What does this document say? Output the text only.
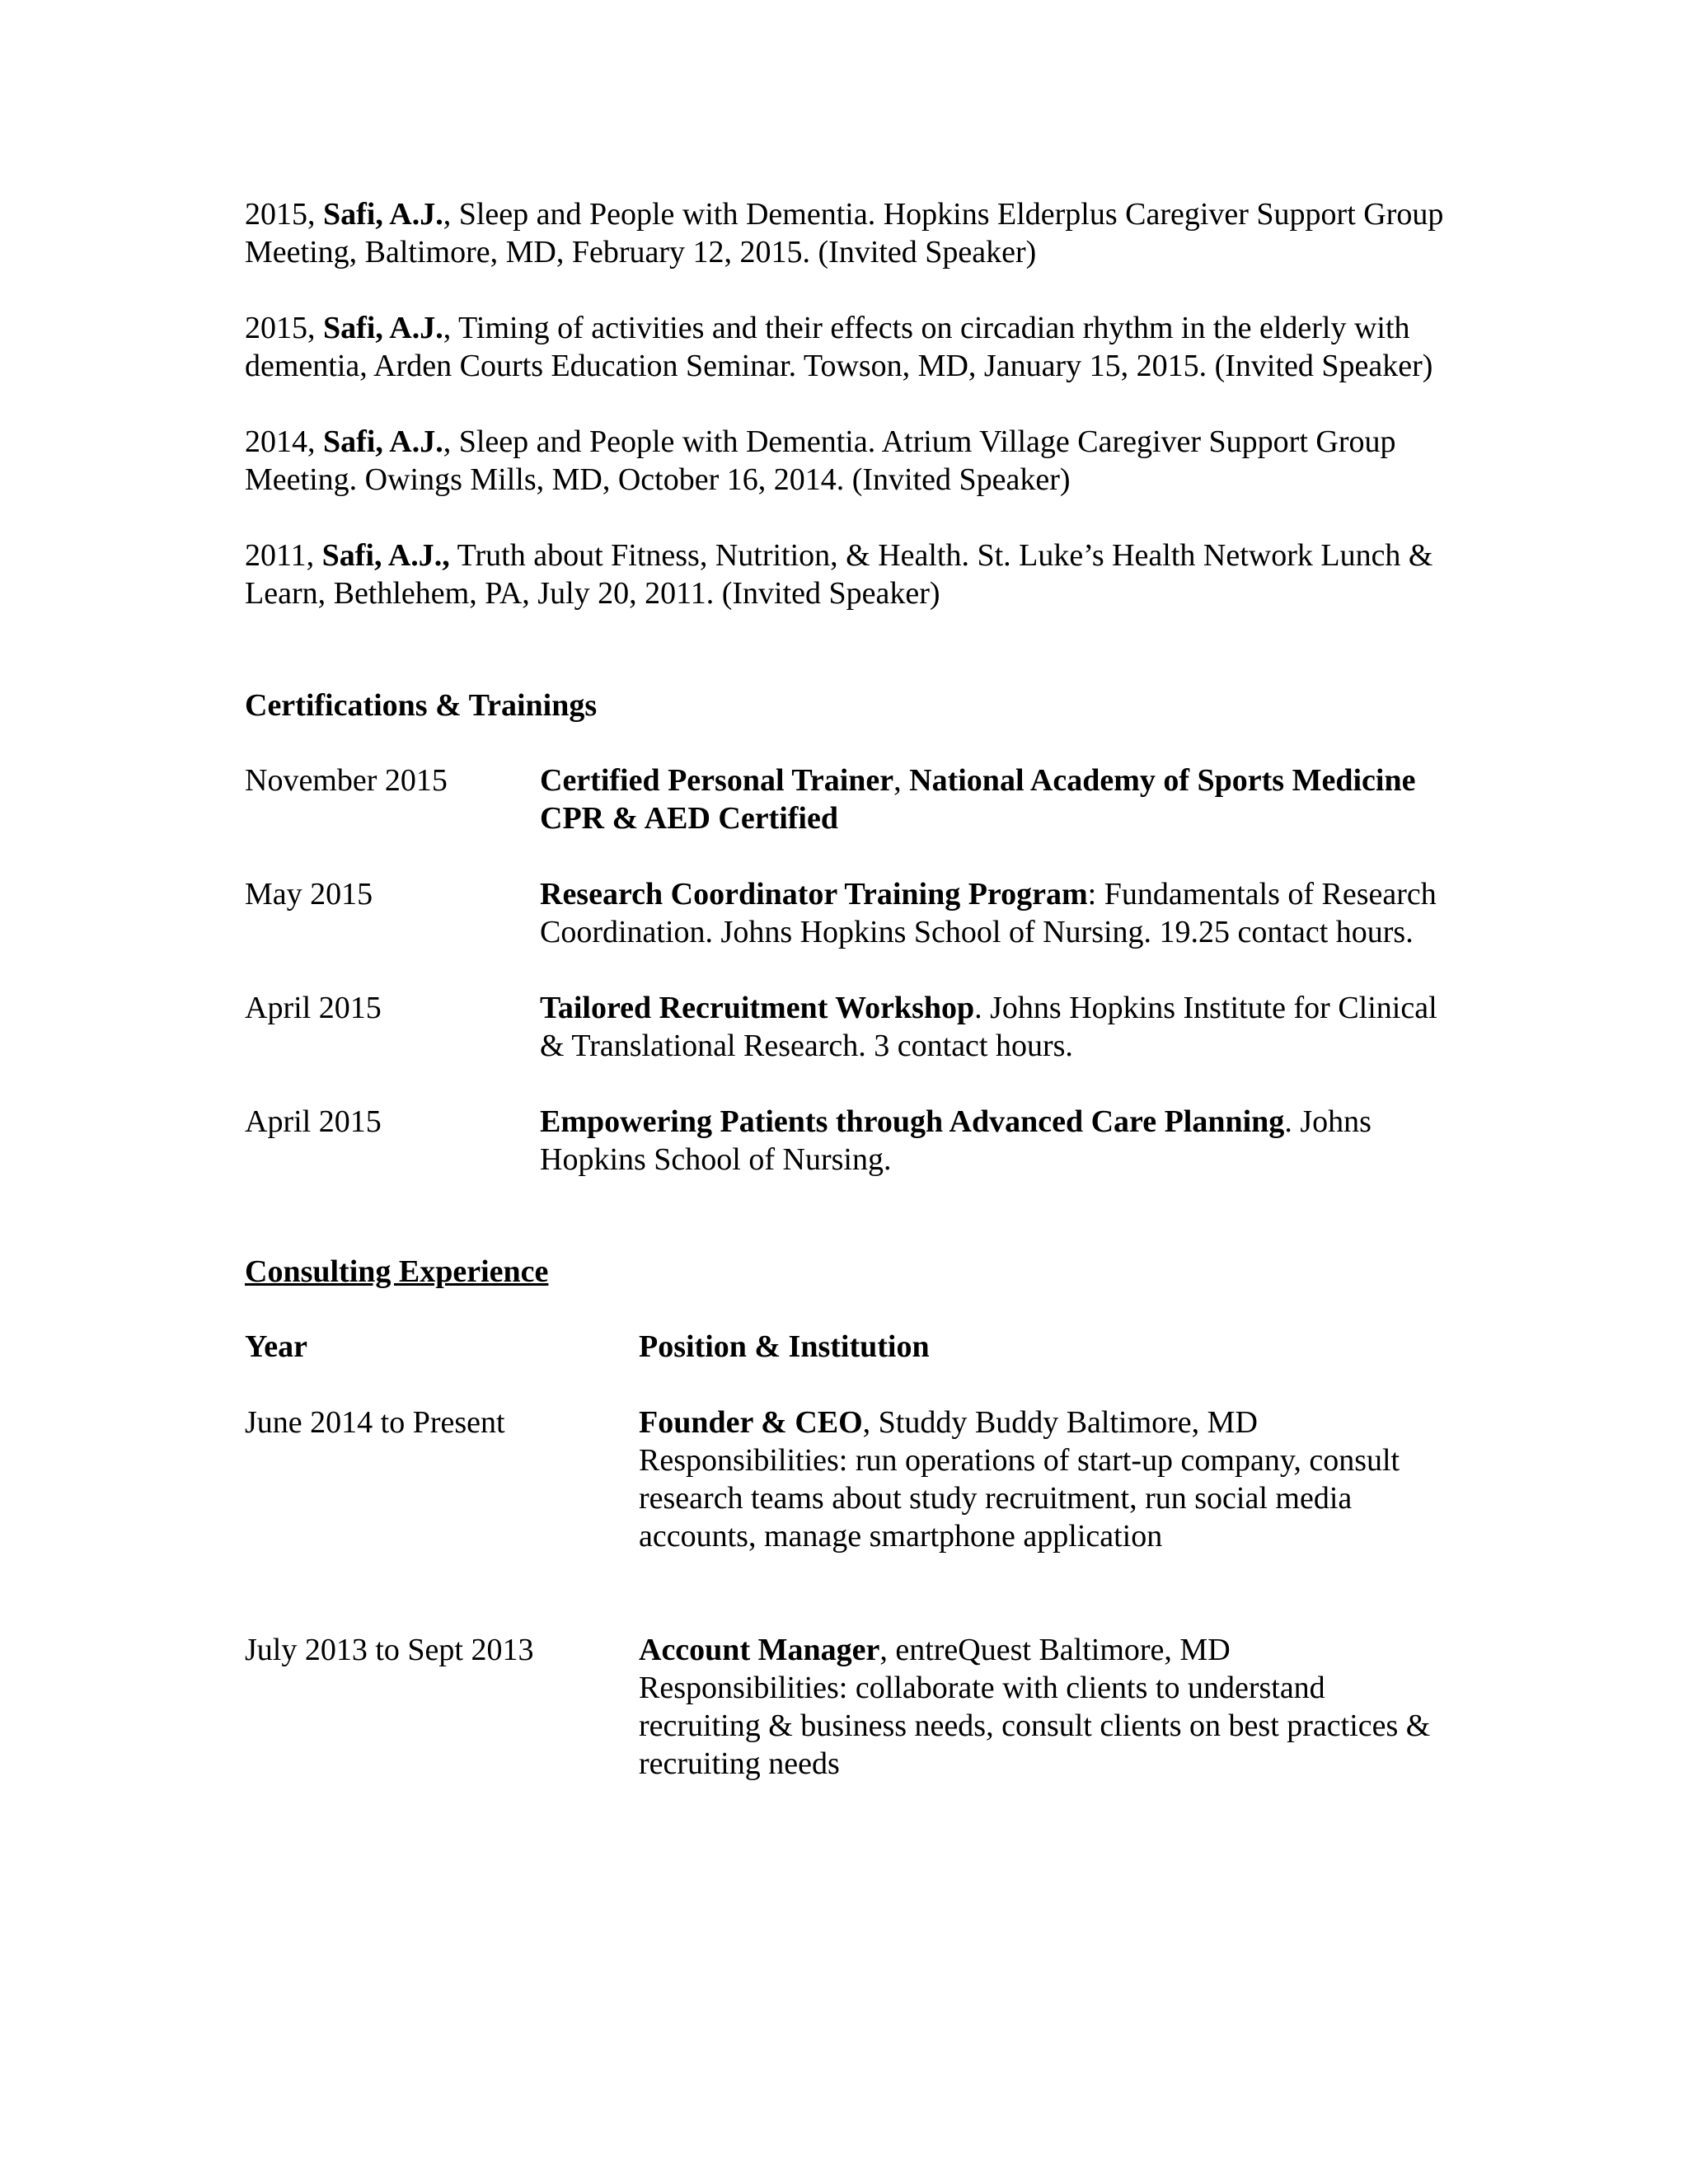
2015, Safi, A.J., Sleep and People with Dementia. Hopkins Elderplus Caregiver Support Group Meeting, Baltimore, MD, February 12, 2015. (Invited Speaker)
2015, Safi, A.J., Timing of activities and their effects on circadian rhythm in the elderly with dementia, Arden Courts Education Seminar. Towson, MD, January 15, 2015. (Invited Speaker)
2014, Safi, A.J., Sleep and People with Dementia. Atrium Village Caregiver Support Group Meeting. Owings Mills, MD, October 16, 2014. (Invited Speaker)
2011, Safi, A.J., Truth about Fitness, Nutrition, & Health. St. Luke’s Health Network Lunch & Learn, Bethlehem, PA, July 20, 2011. (Invited Speaker)
Certifications & Trainings
November 2015	Certified Personal Trainer, National Academy of Sports Medicine
CPR & AED Certified
May 2015	Research Coordinator Training Program: Fundamentals of Research Coordination. Johns Hopkins School of Nursing. 19.25 contact hours.
April 2015	Tailored Recruitment Workshop. Johns Hopkins Institute for Clinical & Translational Research. 3 contact hours.
April 2015	Empowering Patients through Advanced Care Planning. Johns Hopkins School of Nursing.
Consulting Experience
Year	Position & Institution
June 2014 to Present	Founder & CEO, Studdy Buddy Baltimore, MD
Responsibilities: run operations of start-up company, consult research teams about study recruitment, run social media accounts, manage smartphone application
July 2013 to Sept 2013	Account Manager, entreQuest Baltimore, MD
Responsibilities: collaborate with clients to understand recruiting & business needs, consult clients on best practices & recruiting needs
